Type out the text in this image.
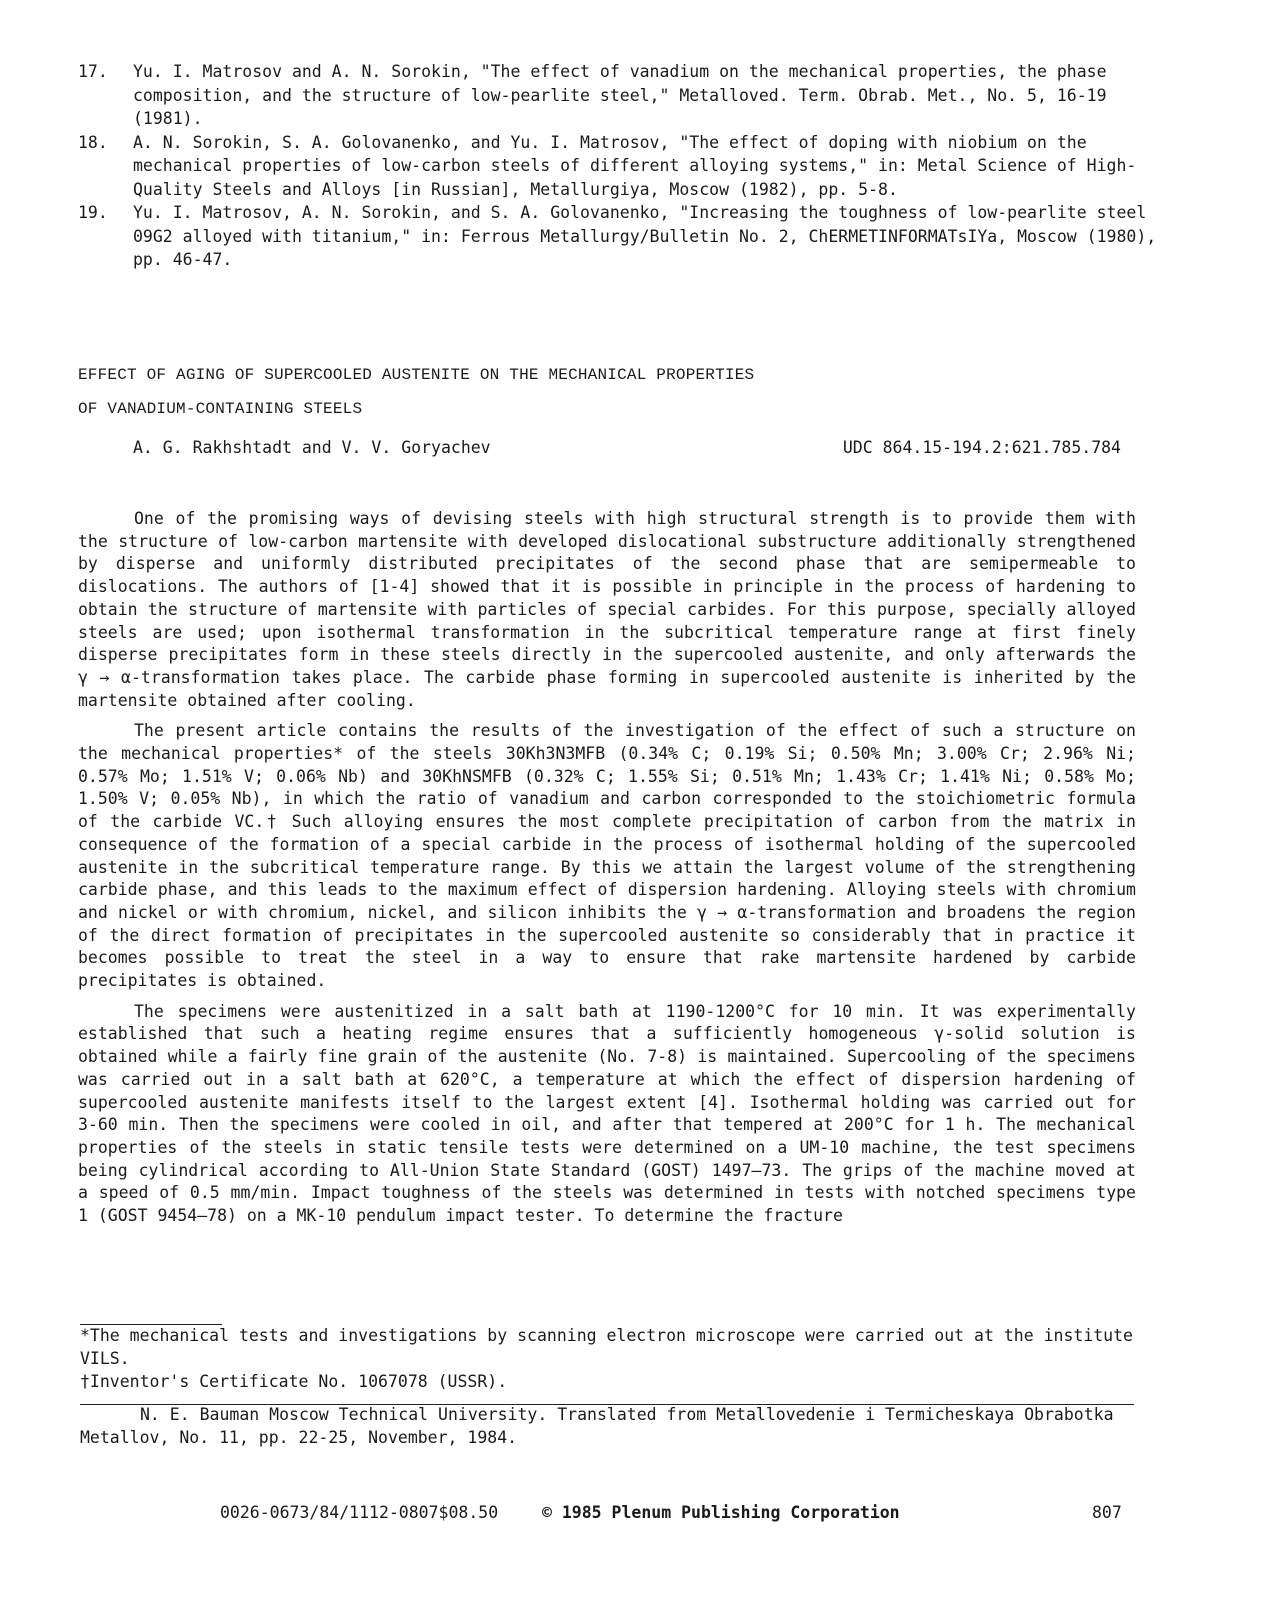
17.	Yu. I. Matrosov and A. N. Sorokin, "The effect of vanadium on the mechanical properties, the phase composition, and the structure of low-pearlite steel," Metalloved. Term. Obrab. Met., No. 5, 16-19 (1981).
18.	A. N. Sorokin, S. A. Golovanenko, and Yu. I. Matrosov, "The effect of doping with niobium on the mechanical properties of low-carbon steels of different alloying systems," in: Metal Science of High-Quality Steels and Alloys [in Russian], Metallurgiya, Moscow (1982), pp. 5-8.
19.	Yu. I. Matrosov, A. N. Sorokin, and S. A. Golovanenko, "Increasing the toughness of low-pearlite steel 09G2 alloyed with titanium," in: Ferrous Metallurgy/Bulletin No. 2, ChERMETINFORMATsIYa, Moscow (1980), pp. 46-47.
EFFECT OF AGING OF SUPERCOOLED AUSTENITE ON THE MECHANICAL PROPERTIES
OF VANADIUM-CONTAINING STEELS
A. G. Rakhshtadt and V. V. Goryachev	UDC 864.15-194.2:621.785.784

One of the promising ways of devising steels with high structural strength is to provide them with the structure of low-carbon martensite with developed dislocational substructure additionally strengthened by disperse and uniformly distributed precipitates of the second phase that are semipermeable to dislocations. The authors of [1-4] showed that it is possible in principle in the process of hardening to obtain the structure of martensite with particles of special carbides. For this purpose, specially alloyed steels are used; upon isothermal transformation in the subcritical temperature range at first finely disperse precipitates form in these steels directly in the supercooled austenite, and only afterwards the γ → α-transformation takes place. The carbide phase forming in supercooled austenite is inherited by the martensite obtained after cooling.

The present article contains the results of the investigation of the effect of such a structure on the mechanical properties* of the steels 30Kh3N3MFB (0.34% C; 0.19% Si; 0.50% Mn; 3.00% Cr; 2.96% Ni; 0.57% Mo; 1.51% V; 0.06% Nb) and 30KhNSMFB (0.32% C; 1.55% Si; 0.51% Mn; 1.43% Cr; 1.41% Ni; 0.58% Mo; 1.50% V; 0.05% Nb), in which the ratio of vanadium and carbon corresponded to the stoichiometric formula of the carbide VC.† Such alloying ensures the most complete precipitation of carbon from the matrix in consequence of the formation of a special carbide in the process of isothermal holding of the supercooled austenite in the subcritical temperature range. By this we attain the largest volume of the strengthening carbide phase, and this leads to the maximum effect of dispersion hardening. Alloying steels with chromium and nickel or with chromium, nickel, and silicon inhibits the γ → α-transformation and broadens the region of the direct formation of precipitates in the supercooled austenite so considerably that in practice it becomes possible to treat the steel in a way to ensure that rake martensite hardened by carbide precipitates is obtained.

The specimens were austenitized in a salt bath at 1190-1200°C for 10 min. It was experimentally established that such a heating regime ensures that a sufficiently homogeneous γ-solid solution is obtained while a fairly fine grain of the austenite (No. 7-8) is maintained. Supercooling of the specimens was carried out in a salt bath at 620°C, a temperature at which the effect of dispersion hardening of supercooled austenite manifests itself to the largest extent [4]. Isothermal holding was carried out for 3-60 min. Then the specimens were cooled in oil, and after that tempered at 200°C for 1 h. The mechanical properties of the steels in static tensile tests were determined on a UM-10 machine, the test specimens being cylindrical according to All-Union State Standard (GOST) 1497—73. The grips of the machine moved at a speed of 0.5 mm/min. Impact toughness of the steels was determined in tests with notched specimens type 1 (GOST 9454—78) on a MK-10 pendulum impact tester. To determine the fracture

*The mechanical tests and investigations by scanning electron microscope were carried out at the institute VILS.

†Inventor's Certificate No. 1067078 (USSR).

N. E. Bauman Moscow Technical University. Translated from Metallovedenie i Termicheskaya Obrabotka Metallov, No. 11, pp. 22-25, November, 1984.
0026-0673/84/1112-0807$08.50	© 1985 Plenum Publishing Corporation	807
